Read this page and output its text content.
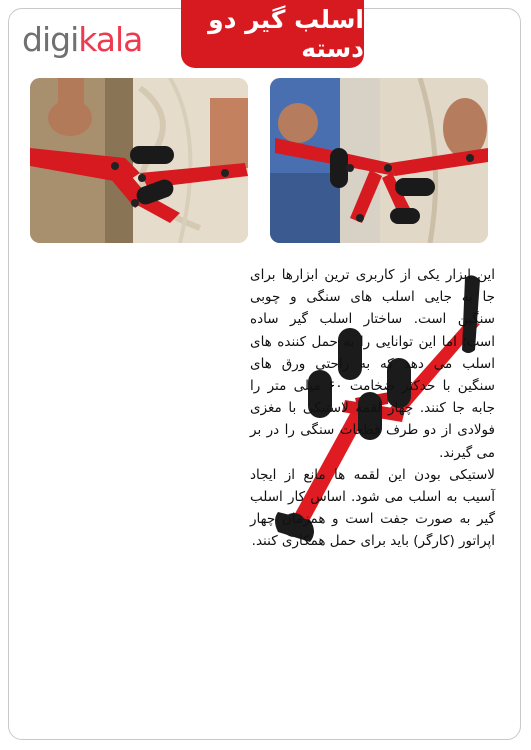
digikala
اسلب گیر دو دسته

این ابزار یکی از کاربری ترین ابزارها برای جا به جایی اسلب های سنگی و چوبی سنگین است. ساختار اسلب گیر ساده است؛ اما این توانایی را به حمل کننده های اسلب می دهد که به راحتی ورق های سنگین با حدکثر ضخامت ۶۰ میلی متر را جابه جا کنند. چهار لقمه لاستیکی با مغزی فولادی از دو طرف قطعات سنگی را در بر می گیرند.

لاستیکی بودن این لقمه ها مانع از ایجاد آسیب به اسلب می شود. اساس کار اسلب گیر به صورت جفت است و همزمان چهار اپراتور (کارگر) باید برای حمل همکاری کنند.
